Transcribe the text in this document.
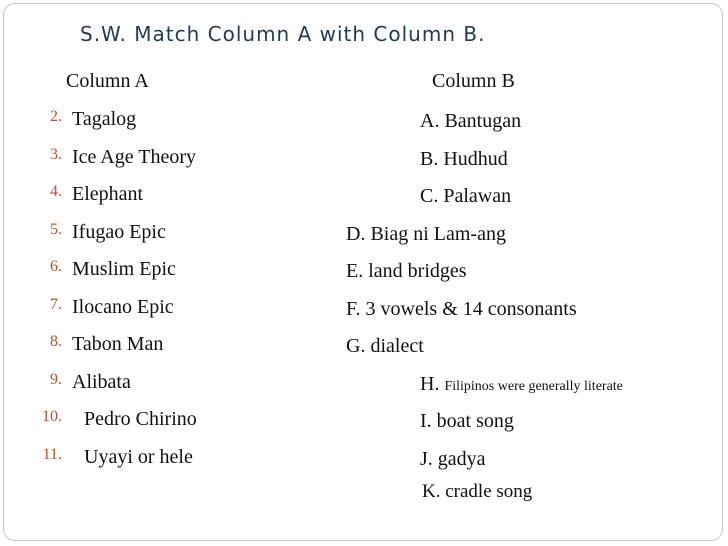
S.W. Match Column A with Column B.
Column A	Column B
2. Tagalog
3. Ice Age Theory
4. Elephant
5. Ifugao Epic
6. Muslim Epic
7. Ilocano Epic
8. Tabon Man
9. Alibata
10. Pedro Chirino
11. Uyayi or hele
A. Bantugan
B. Hudhud
C. Palawan
D. Biag ni Lam-ang
E. land bridges
F. 3 vowels & 14 consonants
G. dialect
H. Filipinos were generally literate
I. boat song
J. gadya
K. cradle song
